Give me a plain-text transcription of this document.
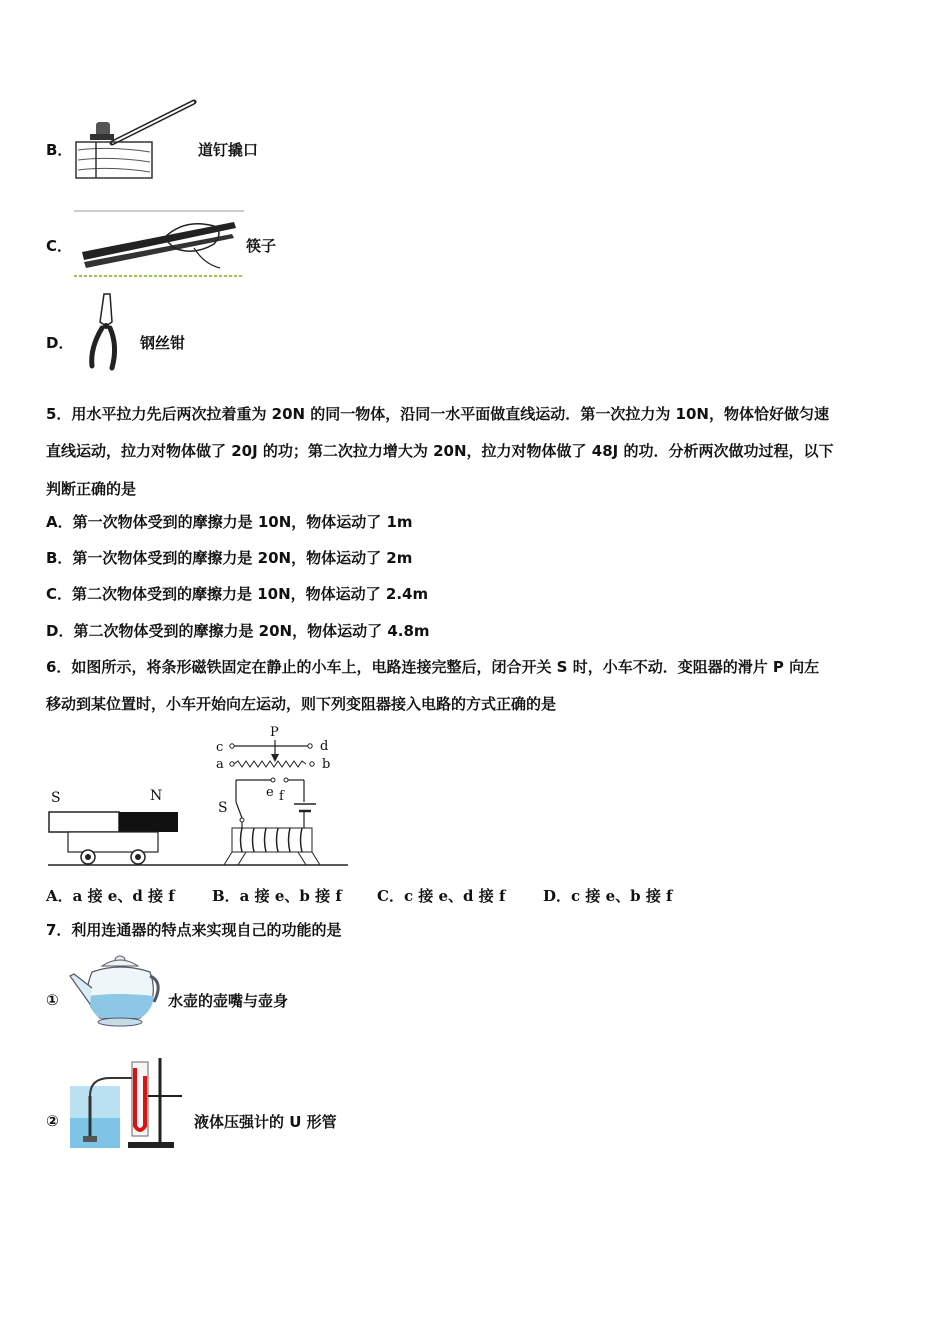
B．	道钉撬口
C．	筷子
D．	钢丝钳
5．用水平拉力先后两次拉着重为 20N 的同一物体，沿同一水平面做直线运动．第一次拉力为 10N，物体恰好做匀速
直线运动，拉力对物体做了 20J 的功；第二次拉力增大为 20N，拉力对物体做了 48J 的功．分析两次做功过程，以下
判断正确的是
A．第一次物体受到的摩擦力是 10N，物体运动了 1m
B．第一次物体受到的摩擦力是 20N，物体运动了 2m
C．第二次物体受到的摩擦力是 10N，物体运动了 2.4m
D．第二次物体受到的摩擦力是 20N，物体运动了 4.8m
6．如图所示，将条形磁铁固定在静止的小车上，电路连接完整后，闭合开关 S 时，小车不动．变阻器的滑片 P 向左
移动到某位置时，小车开始向左运动，则下列变阻器接入电路的方式正确的是
S	N
c	d
P
a	b
e f
S
A．a 接 e、d 接 f B．a 接 e、b 接 f C．c 接 e、d 接 f	D．c 接 e、b 接 f
7．利用连通器的特点来实现自己的功能的是
①	水壶的壶嘴与壶身
②	液体压强计的 U 形管
